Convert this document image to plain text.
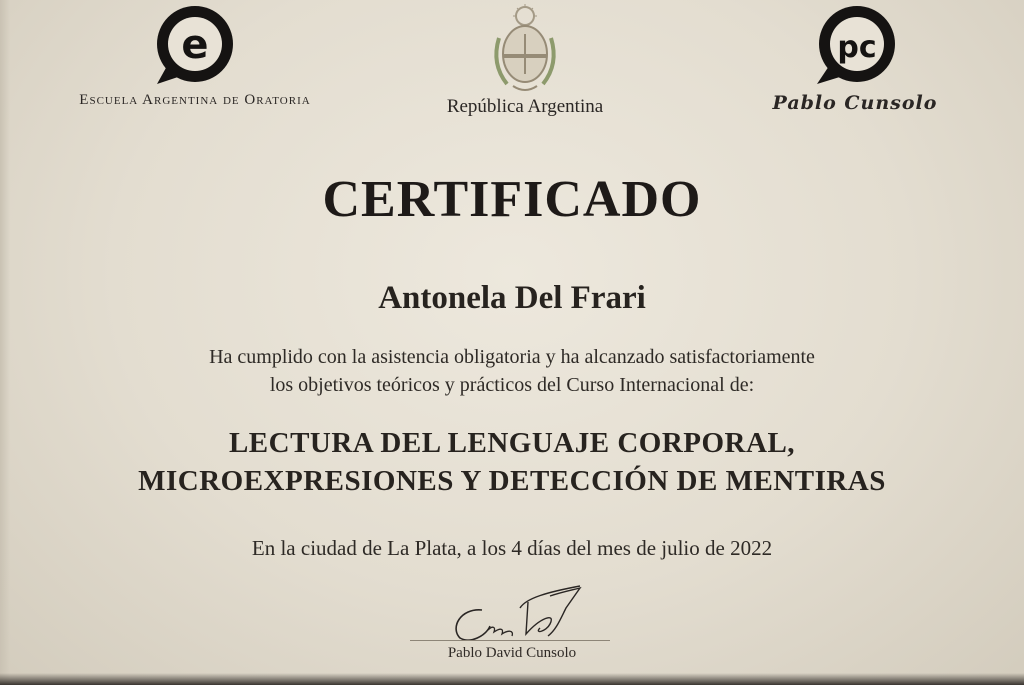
e
Escuela Argentina de Oratoria	República Argentina
pc
Pablo Cunsolo
CERTIFICADO
Antonela Del Frari
Ha cumplido con la asistencia obligatoria y ha alcanzado satisfactoriamente
los objetivos teóricos y prácticos del Curso Internacional de:
LECTURA DEL LENGUAJE CORPORAL,
MICROEXPRESIONES Y DETECCIÓN DE MENTIRAS
En la ciudad de La Plata, a los 4 días del mes de julio de 2022
Pablo David Cunsolo
